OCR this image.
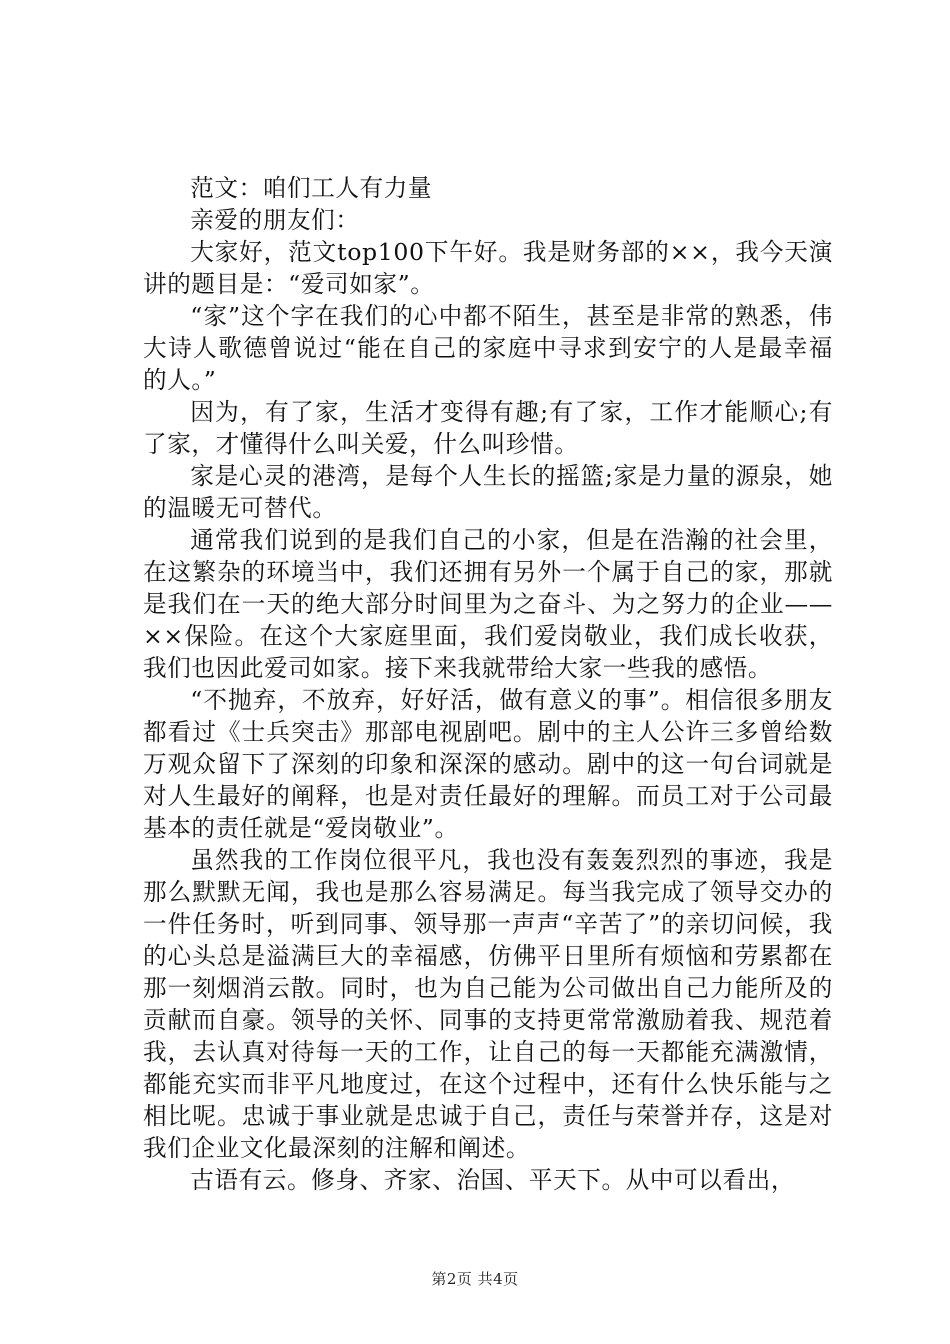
范文：咱们工人有力量

亲爱的朋友们：

大家好，范文top100下午好。我是财务部的××，我今天演讲的题目是：“爱司如家”。

“家”这个字在我们的心中都不陌生，甚至是非常的熟悉，伟大诗人歌德曾说过“能在自己的家庭中寻求到安宁的人是最幸福的人。”

因为，有了家，生活才变得有趣;有了家，工作才能顺心;有了家，才懂得什么叫关爱，什么叫珍惜。

家是心灵的港湾，是每个人生长的摇篮;家是力量的源泉，她的温暖无可替代。

通常我们说到的是我们自己的小家，但是在浩瀚的社会里，在这繁杂的环境当中，我们还拥有另外一个属于自己的家，那就是我们在一天的绝大部分时间里为之奋斗、为之努力的企业——××保险。在这个大家庭里面，我们爱岗敬业，我们成长收获，我们也因此爱司如家。接下来我就带给大家一些我的感悟。

“不抛弃，不放弃，好好活，做有意义的事”。相信很多朋友都看过《士兵突击》那部电视剧吧。剧中的主人公许三多曾给数万观众留下了深刻的印象和深深的感动。剧中的这一句台词就是对人生最好的阐释，也是对责任最好的理解。而员工对于公司最基本的责任就是“爱岗敬业”。

虽然我的工作岗位很平凡，我也没有轰轰烈烈的事迹，我是那么默默无闻，我也是那么容易满足。每当我完成了领导交办的一件任务时，听到同事、领导那一声声“辛苦了”的亲切问候，我的心头总是溢满巨大的幸福感，仿佛平日里所有烦恼和劳累都在那一刻烟消云散。同时，也为自己能为公司做出自己力能所及的贡献而自豪。领导的关怀、同事的支持更常常激励着我、规范着我，去认真对待每一天的工作，让自己的每一天都能充满激情，都能充实而非平凡地度过，在这个过程中，还有什么快乐能与之相比呢。忠诚于事业就是忠诚于自己，责任与荣誉并存，这是对我们企业文化最深刻的注解和阐述。

古语有云。修身、齐家、治国、平天下。从中可以看出，

第2页 共4页
